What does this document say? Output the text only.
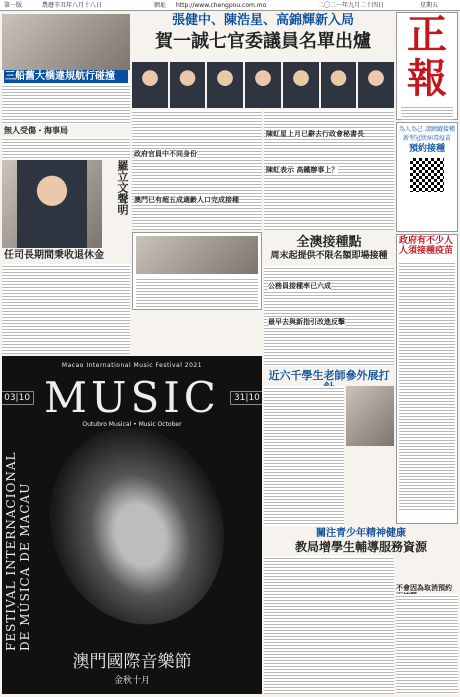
第一版	農曆辛丑年八月十八日	網址 http://www.chengpou.com.mo	二〇二一年九月二十四日	星期五
正報
為人為己 請踴躍接種 新型冠狀病毒疫苗
預約接種
張健中、陳浩星、高錦輝新入局
賀一誠七官委議員名單出爐
三船舊大橋違規航行碰撞
無人受傷・海事局
羅立文聲明
任司長期間秉收退休金
政府官員中不同身份
陳虹星上月已辭去行政會秘書長
陳虹表示 高鐵辦事上？
澳門已有超五成適齡人口完成接種
全澳接種點
周末起提供不限名額即場接種
公務員接種率已六成
最早去與新指引改進反擊
近六千學生老師參外展打
政府有不少人人須接種疫苗
關注青少年精神健康
教局增學生輔導服務資源
不會因為取消預約
Macao International Music Festival 2021
03|10 MUSIC	31|10
Outubro Musical • Music October
FESTIVAL INTERNACIONAL DE MÚSICA DE MACAU
澳門國際音樂節
金秋十月
